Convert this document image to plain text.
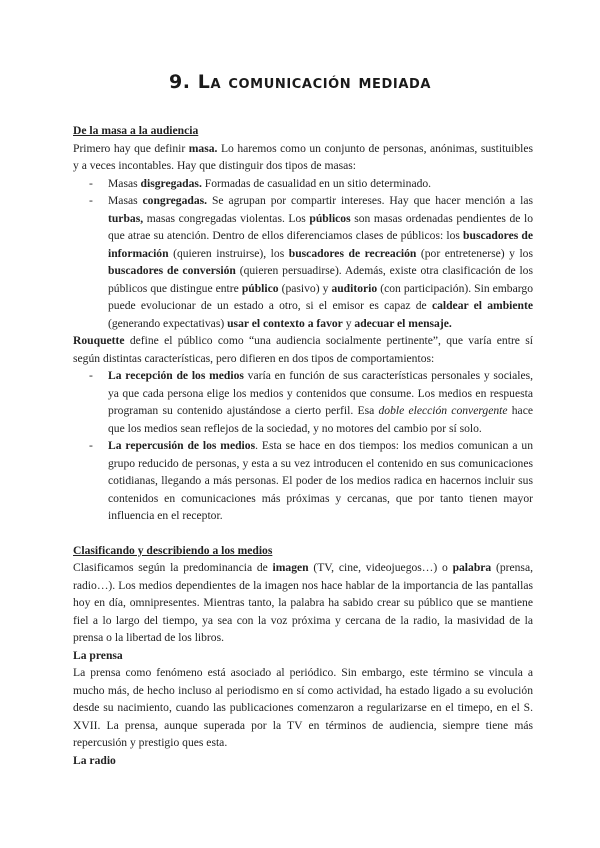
9. La comunicación mediada
De la masa a la audiencia

Primero hay que definir masa. Lo haremos como un conjunto de personas, anónimas, sustituibles y a veces incontables. Hay que distinguir dos tipos de masas:

- Masas disgregadas. Formadas de casualidad en un sitio determinado.
- Masas congregadas. Se agrupan por compartir intereses. Hay que hacer mención a las turbas, masas congregadas violentas. Los públicos son masas ordenadas pendientes de lo que atrae su atención. Dentro de ellos diferenciamos clases de públicos: los buscadores de información (quieren instruirse), los buscadores de recreación (por entretenerse) y los buscadores de conversión (quieren persuadirse). Además, existe otra clasificación de los públicos que distingue entre público (pasivo) y auditorio (con participación). Sin embargo puede evolucionar de un estado a otro, si el emisor es capaz de caldear el ambiente (generando expectativas) usar el contexto a favor y adecuar el mensaje.

Rouquette define el público como “una audiencia socialmente pertinente”, que varía entre sí según distintas características, pero difieren en dos tipos de comportamientos:

- La recepción de los medios varía en función de sus características personales y sociales, ya que cada persona elige los medios y contenidos que consume. Los medios en respuesta programan su contenido ajustándose a cierto perfil. Esa doble elección convergente hace que los medios sean reflejos de la sociedad, y no motores del cambio por sí solo.
- La repercusión de los medios. Esta se hace en dos tiempos: los medios comunican a un grupo reducido de personas, y esta a su vez introducen el contenido en sus comunicaciones cotidianas, llegando a más personas. El poder de los medios radica en hacernos incluir sus contenidos en comunicaciones más próximas y cercanas, que por tanto tienen mayor influencia en el receptor.
Clasificando y describiendo a los medios

Clasificamos según la predominancia de imagen (TV, cine, videojuegos…) o palabra (prensa, radio…). Los medios dependientes de la imagen nos hace hablar de la importancia de las pantallas hoy en día, omnipresentes. Mientras tanto, la palabra ha sabido crear su público que se mantiene fiel a lo largo del tiempo, ya sea con la voz próxima y cercana de la radio, la masividad de la prensa o la libertad de los libros.

La prensa

La prensa como fenómeno está asociado al periódico. Sin embargo, este término se vincula a mucho más, de hecho incluso al periodismo en sí como actividad, ha estado ligado a su evolución desde su nacimiento, cuando las publicaciones comenzaron a regularizarse en el timepo, en el S. XVII. La prensa, aunque superada por la TV en términos de audiencia, siempre tiene más repercusión y prestigio ques esta.

La radio
